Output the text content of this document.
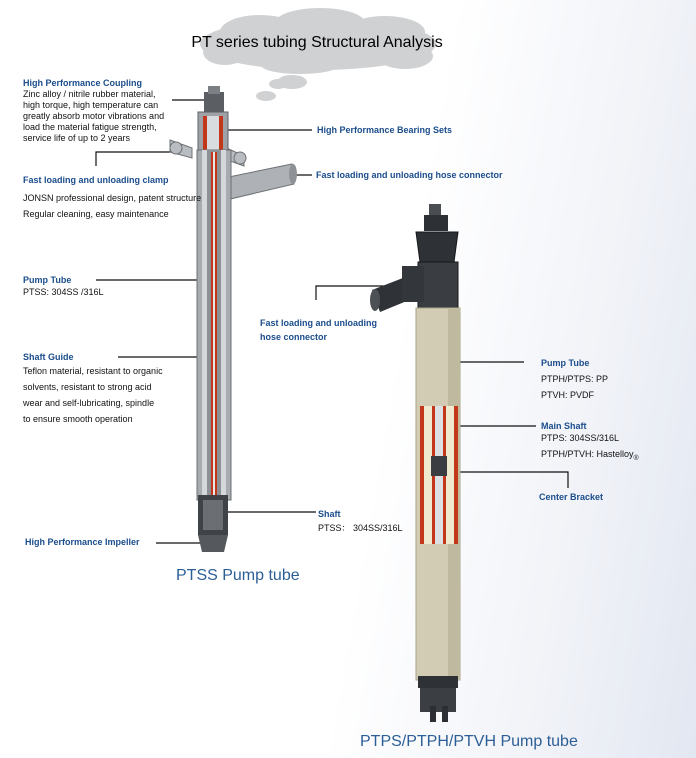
PT series tubing Structural Analysis
High Performance Coupling
Zinc alloy / nitrile rubber material,
high torque, high temperature can
greatly absorb motor vibrations and
load the material fatigue strength,
service life of up to 2 years
High Performance Bearing Sets
Fast loading and unloading clamp
JONSN professional design, patent structure
Regular cleaning, easy maintenance
Fast loading and unloading hose connector
Pump Tube
PTSS: 304SS /316L
Shaft Guide
Teflon material, resistant to organic
solvents, resistant to strong acid
wear and self-lubricating, spindle
to ensure smooth operation
Shaft
PTSS： 304SS/316L
High Performance Impeller
PTSS Pump tube
Fast loading and unloading
hose connector
Pump Tube
PTPH/PTPS: PP
PTVH: PVDF
Main Shaft
PTPS: 304SS/316L
PTPH/PTVH: Hastelloy$_®$
Center Bracket
PTPS/PTPH/PTVH Pump tube
